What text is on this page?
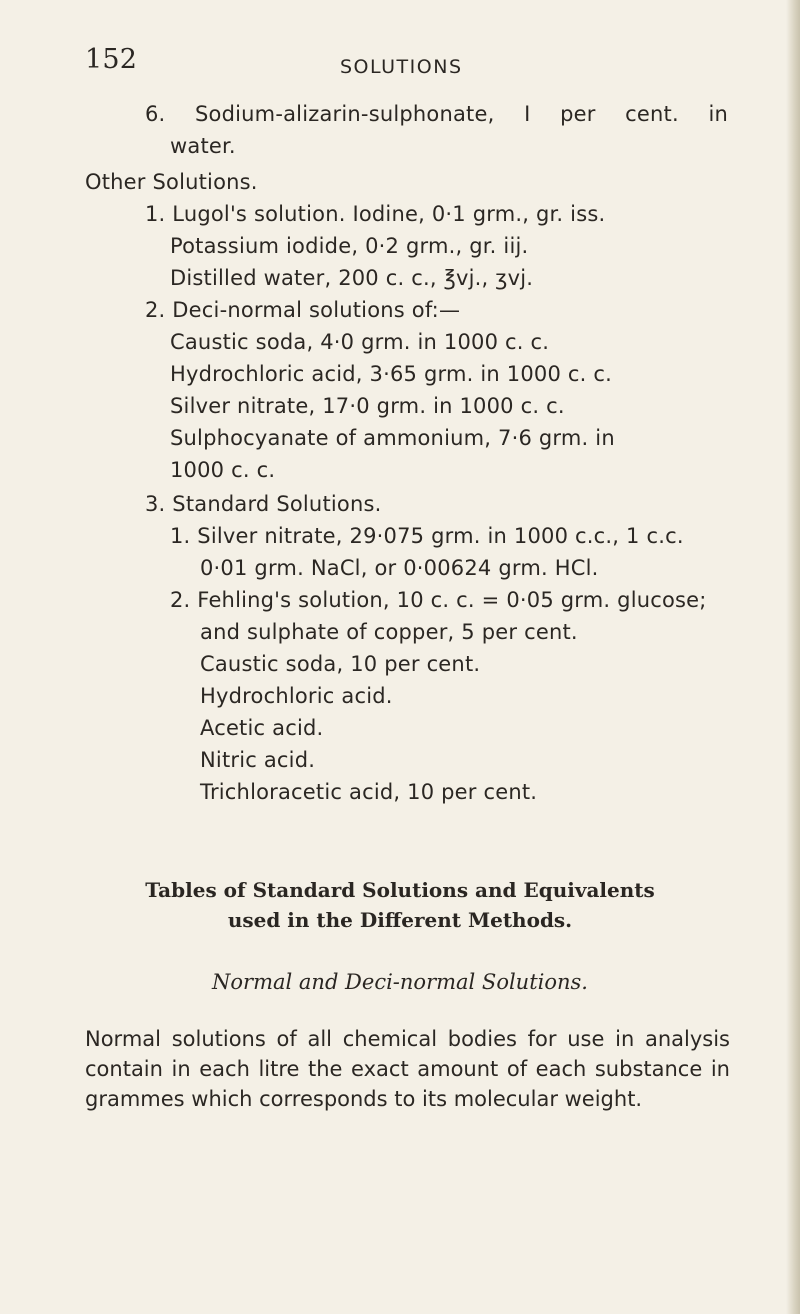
152	SOLUTIONS
6. Sodium-alizarin-sulphonate, I per cent. in
water.
Other Solutions.
1. Lugol's solution. Iodine, 0·1 grm., gr. iss.
Potassium iodide, 0·2 grm., gr. iij.
Distilled water, 200 c. c., ℥vj., ʒvj.
2. Deci-normal solutions of:—
Caustic soda, 4·0 grm. in 1000 c. c.
Hydrochloric acid, 3·65 grm. in 1000 c. c.
Silver nitrate, 17·0 grm. in 1000 c. c.
Sulphocyanate of ammonium, 7·6 grm. in
1000 c. c.
3. Standard Solutions.
1. Silver nitrate, 29·075 grm. in 1000 c.c., 1 c.c.
0·01 grm. NaCl, or 0·00624 grm. HCl.
2. Fehling's solution, 10 c. c. = 0·05 grm. glucose;
and sulphate of copper, 5 per cent.
Caustic soda, 10 per cent.
Hydrochloric acid.
Acetic acid.
Nitric acid.
Trichloracetic acid, 10 per cent.
Tables of Standard Solutions and Equivalents
used in the Different Methods.
Normal and Deci-normal Solutions.
Normal solutions of all chemical bodies for use in analysis contain in each litre the exact amount of each substance in grammes which corresponds to its molecular weight.
